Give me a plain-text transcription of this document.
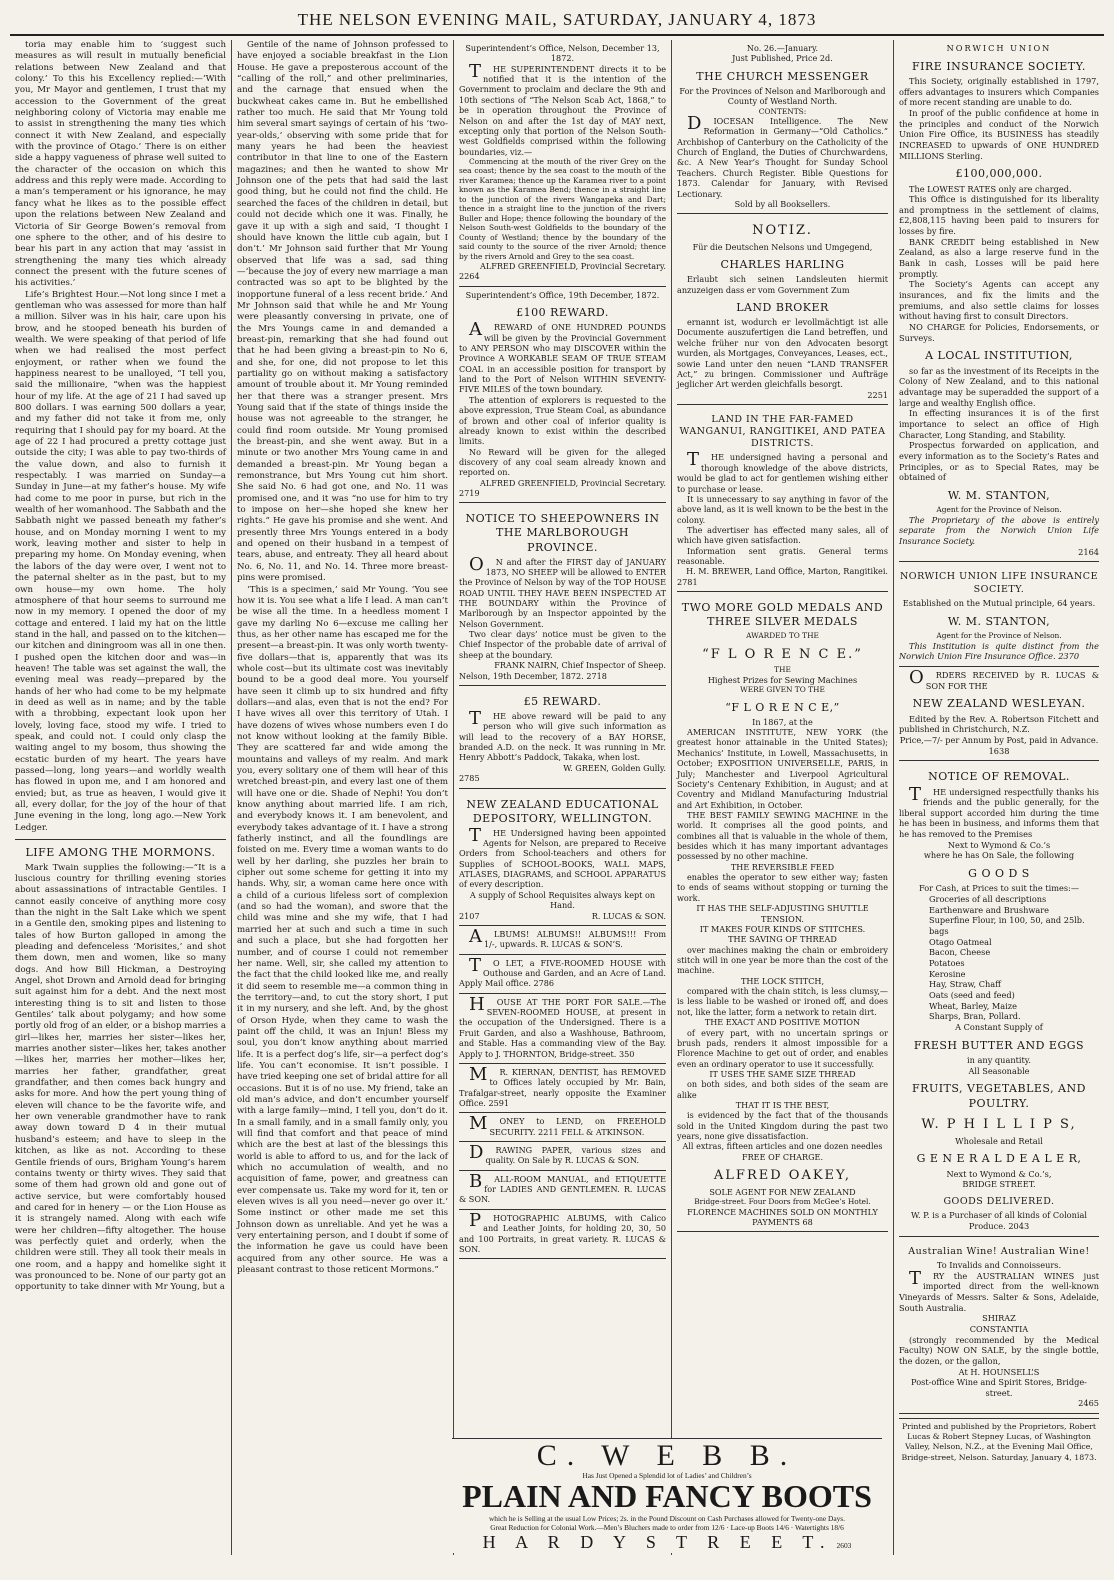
THE NELSON EVENING MAIL, SATURDAY, JANUARY 4, 1873

toria may enable him to ‘suggest such measures as will result in mutually beneficial relations between New Zealand and that colony.’ To this his Excellency replied:—‘With you, Mr Mayor and gentlemen, I trust that my accession to the Government of the great neighboring colony of Victoria may enable me to assist in strengthening the many ties which connect it with New Zealand, and especially with the province of Otago.’ There is on either side a happy vagueness of phrase well suited to the character of the occasion on which this address and this reply were made. According to a man’s temperament or his ignorance, he may fancy what he likes as to the possible effect upon the relations between New Zealand and Victoria of Sir George Bowen’s removal from one sphere to the other, and of his desire to bear his part in any action that may ‘assist in strengthening the many ties which already connect the present with the future scenes of his activities.’

Life’s Brightest Hour.—Not long since I met a gentleman who was assessed for more than half a million. Silver was in his hair, care upon his brow, and he stooped beneath his burden of wealth. We were speaking of that period of life when we had realised the most perfect enjoyment, or rather when we found the happiness nearest to be unalloyed, “I tell you, said the millionaire, “when was the happiest hour of my life. At the age of 21 I had saved up 800 dollars. I was earning 500 dollars a year, and my father did not take it from me, only requiring that I should pay for my board. At the age of 22 I had procured a pretty cottage just outside the city; I was able to pay two-thirds of the value down, and also to furnish it respectably. I was married on Sunday—a Sunday in June—at my father’s house. My wife had come to me poor in purse, but rich in the wealth of her womanhood. The Sabbath and the Sabbath night we passed beneath my father’s house, and on Monday morning I went to my work, leaving mother and sister to help in preparing my home. On Monday evening, when the labors of the day were over, I went not to the paternal shelter as in the past, but to my own house—my own home. The holy atmosphere of that hour seems to surround me now in my memory. I opened the door of my cottage and entered. I laid my hat on the little stand in the hall, and passed on to the kitchen—our kitchen and diningroom was all in one then. I pushed open the kitchen door and was—in heaven! The table was set against the wall, the evening meal was ready—prepared by the hands of her who had come to be my helpmate in deed as well as in name; and by the table with a throbbing, expectant look upon her lovely, loving face, stood my wife. I tried to speak, and could not. I could only clasp the waiting angel to my bosom, thus showing the ecstatic burden of my heart. The years have passed—long, long years—and worldly wealth has flowed in upon me, and I am honored and envied; but, as true as heaven, I would give it all, every dollar, for the joy of the hour of that June evening in the long, long ago.—New York Ledger.

LIFE AMONG THE MORMONS.

Mark Twain supplies the following:—“It is a luscious country for thrilling evening stories about assassinations of intractable Gentiles. I cannot easily conceive of anything more cosy than the night in the Salt Lake which we spent in a Gentile den, smoking pipes and listening to tales of how Burton galloped in among the pleading and defenceless ‘Morisites,’ and shot them down, men and women, like so many dogs. And how Bill Hickman, a Destroying Angel, shot Drown and Arnold dead for bringing suit against him for a debt. And the next most interesting thing is to sit and listen to those Gentiles’ talk about polygamy; and how some portly old frog of an elder, or a bishop marries a girl—likes her, marries her sister—likes her, marries another sister—likes her, takes another—likes her, marries her mother—likes her, marries her father, grandfather, great grandfather, and then comes back hungry and asks for more. And how the pert young thing of eleven will chance to be the favorite wife, and her own venerable grandmother have to rank away down toward D 4 in their mutual husband’s esteem; and have to sleep in the kitchen, as like as not. According to these Gentile friends of ours, Brigham Young’s harem contains twenty or thirty wives. They said that some of them had grown old and gone out of active service, but were comfortably housed and cared for in henery — or the Lion House as it is strangely named. Along with each wife were her children—fifty altogether. The house was perfectly quiet and orderly, when the children were still. They all took their meals in one room, and a happy and homelike sight it was pronounced to be. None of our party got an opportunity to take dinner with Mr Young, but a

Gentile of the name of Johnson professed to have enjoyed a sociable breakfast in the Lion House. He gave a preposterous account of the “calling of the roll,” and other preliminaries, and the carnage that ensued when the buckwheat cakes came in. But he embellished rather too much. He said that Mr Young told him several smart sayings of certain of his ‘two-year-olds,’ observing with some pride that for many years he had been the heaviest contributor in that line to one of the Eastern magazines; and then he wanted to show Mr Johnson one of the pets that had said the last good thing, but he could not find the child. He searched the faces of the children in detail, but could not decide which one it was. Finally, he gave it up with a sigh and said, ‘I thought I should have known the little cub again, but I don’t.’ Mr Johnson said further that Mr Young observed that life was a sad, sad thing—‘because the joy of every new marriage a man contracted was so apt to be blighted by the inopportune funeral of a less recent bride.’ And Mr Johnson said that while he and Mr Young were pleasantly conversing in private, one of the Mrs Youngs came in and demanded a breast-pin, remarking that she had found out that he had been giving a breast-pin to No 6, and she, for one, did not propose to let this partiality go on without making a satisfactory amount of trouble about it. Mr Young reminded her that there was a stranger present. Mrs Young said that if the state of things inside the house was not agreeable to the stranger, he could find room outside. Mr Young promised the breast-pin, and she went away. But in a minute or two another Mrs Young came in and demanded a breast-pin. Mr Young began a remonstrance, but Mrs Young cut him short. She said No. 6 had got one, and No. 11 was promised one, and it was “no use for him to try to impose on her—she hoped she knew her rights.” He gave his promise and she went. And presently three Mrs Youngs entered in a body and opened on their husband in a tempest of tears, abuse, and entreaty. They all heard about No. 6, No. 11, and No. 14. Three more breast-pins were promised.

‘This is a specimen,’ said Mr Young. ‘You see how it is. You see what a life I lead. A man can’t be wise all the time. In a heedless moment I gave my darling No 6—excuse me calling her thus, as her other name has escaped me for the present—a breast-pin. It was only worth twenty-five dollars—that is, apparently that was its whole cost—but its ultimate cost was inevitably bound to be a good deal more. You yourself have seen it climb up to six hundred and fifty dollars—and alas, even that is not the end? For I have wives all over this territory of Utah. I have dozens of wives whose numbers even I do not know without looking at the family Bible. They are scattered far and wide among the mountains and valleys of my realm. And mark you, every solitary one of them will hear of this wretched breast-pin, and every last one of them will have one or die. Shade of Nephi! You don’t know anything about married life. I am rich, and everybody knows it. I am benevolent, and everybody takes advantage of it. I have a strong fatherly instinct, and all the foundlings are foisted on me. Every time a woman wants to do well by her darling, she puzzles her brain to cipher out some scheme for getting it into my hands. Why, sir, a woman came here once with a child of a curious lifeless sort of complexion (and so had the woman), and swore that the child was mine and she my wife, that I had married her at such and such a time in such and such a place, but she had forgotten her number, and of course I could not remember her name. Well, sir, she called my attention to the fact that the child looked like me, and really it did seem to resemble me—a common thing in the territory—and, to cut the story short, I put it in my nursery, and she left. And, by the ghost of Orson Hyde, when they came to wash the paint off the child, it was an Injun! Bless my soul, you don’t know anything about married life. It is a perfect dog’s life, sir—a perfect dog’s life. You can’t economise. It isn’t possible. I have tried keeping one set of bridal attire for all occasions. But it is of no use. My friend, take an old man’s advice, and don’t encumber yourself with a large family—mind, I tell you, don’t do it. In a small family, and in a small family only, you will find that comfort and that peace of mind which are the best at last of the blessings this world is able to afford to us, and for the lack of which no accumulation of wealth, and no acquisition of fame, power, and greatness can ever compensate us. Take my word for it, ten or eleven wives is all you need—never go over it.’ Some instinct or other made me set this Johnson down as unreliable. And yet he was a very entertaining person, and I doubt if some of the information he gave us could have been acquired from any other source. He was a pleasant contrast to those reticent Mormons.”

Superintendent’s Office, Nelson, December 13, 1872.

THE SUPERINTENDENT directs it to be notified that it is the intention of the Government to proclaim and declare the 9th and 10th sections of “The Nelson Scab Act, 1868,” to be in operation throughout the Province of Nelson on and after the 1st day of MAY next, excepting only that portion of the Nelson South-west Goldfields comprised within the following boundaries, viz.—

Commencing at the mouth of the river Grey on the sea coast; thence by the sea coast to the mouth of the river Karamea; thence up the Karamea river to a point known as the Karamea Bend; thence in a straight line to the junction of the rivers Wangapeka and Dart; thence in a straight line to the junction of the rivers Buller and Hope; thence following the boundary of the Nelson South-west Goldfields to the boundary of the County of Westland; thence by the boundary of the said county to the source of the river Arnold; thence by the rivers Arnold and Grey to the sea coast.

ALFRED GREENFIELD, Provincial Secretary.
2264
Superintendent’s Office, 19th December, 1872.
£100 REWARD.

AREWARD of ONE HUNDRED POUNDS will be given by the Provincial Government to ANY PERSON who may DISCOVER within the Province A WORKABLE SEAM OF TRUE STEAM COAL in an accessible position for transport by land to the Port of Nelson WITHIN SEVENTY-FIVE MILES of the town boundary.

The attention of explorers is requested to the above expression, True Steam Coal, as abundance of brown and other coal of inferior quality is already known to exist within the described limits.

No Reward will be given for the alleged discovery of any coal seam already known and reported on.

ALFRED GREENFIELD, Provincial Secretary.
2719
NOTICE TO SHEEPOWNERS IN THE MARLBOROUGH PROVINCE.

ON and after the FIRST day of JANUARY 1873, NO SHEEP will be allowed to ENTER the Province of Nelson by way of the TOP HOUSE ROAD UNTIL THEY HAVE BEEN INSPECTED AT THE BOUNDARY within the Province of Marlborough by an Inspector appointed by the Nelson Government.

Two clear days’ notice must be given to the Chief Inspector of the probable date of arrival of sheep at the boundary.

FRANK NAIRN, Chief Inspector of Sheep.
Nelson, 19th December, 1872. 2718
£5 REWARD.

THE above reward will be paid to any person who will give such information as will lead to the recovery of a BAY HORSE, branded A.D. on the neck. It was running in Mr. Henry Abbott’s Paddock, Takaka, when lost.

W. GREEN, Golden Gully.
2785
NEW ZEALAND EDUCATIONAL DEPOSITORY, WELLINGTON.

THE Undersigned having been appointed Agents for Nelson, are prepared to Receive Orders from School-teachers and others for Supplies of SCHOOL-BOOKS, WALL MAPS, ATLASES, DIAGRAMS, and SCHOOL APPARATUS of every description.

A supply of School Requisites always kept on Hand.

2107	R. LUCAS & SON.

ALBUMS! ALBUMS!! ALBUMS!!! From 1/-, upwards. R. LUCAS & SON’S.

TO LET, a FIVE-ROOMED HOUSE with Outhouse and Garden, and an Acre of Land. Apply Mail office. 2786

HOUSE AT THE PORT FOR SALE.—The SEVEN-ROOMED HOUSE, at present in the occupation of the Undersigned. There is a Fruit Garden, and also a Washhouse, Bathroom, and Stable. Has a commanding view of the Bay. Apply to J. THORNTON, Bridge-street. 350

MR. KIERNAN, DENTIST, has REMOVED to Offices lately occupied by Mr. Bain, Trafalgar-street, nearly opposite the Examiner Office. 2591

MONEY to LEND, on FREEHOLD SECURITY. 2211 FELL & ATKINSON.

DRAWING PAPER, various sizes and quality. On Sale by R. LUCAS & SON.

BALL-ROOM MANUAL, and ETIQUETTE for LADIES AND GENTLEMEN. R. LUCAS & SON.

PHOTOGRAPHIC ALBUMS, with Calico and Leather Joints, for holding 20, 30, 50 and 100 Portraits, in great variety. R. LUCAS & SON.

No. 26.—January.
Just Published, Price 2d.
THE CHURCH MESSENGER
For the Provinces of Nelson and Marlborough and County of Westland North.
CONTENTS:

DIOCESAN Intelligence. The New Reformation in Germany—“Old Catholics.” Archbishop of Canterbury on the Catholicity of the Church of England, the Duties of Churchwardens, &c. A New Year’s Thought for Sunday School Teachers. Church Register. Bible Questions for 1873. Calendar for January, with Revised Lectionary.

Sold by all Booksellers.
NOTIZ.
Für die Deutschen Nelsons und Umgegend,
CHARLES HARLING

Erlaubt sich seinen Landsleuten hiermit anzuzeigen dass er vom Government Zum

LAND BROKER

ernannt ist, wodurch er levollmächtigt ist alle Documente auszufertigen die Land betreffen, und welche früher nur von den Advocaten besorgt wurden, als Mortgages, Conveyances, Leases, ect., sowie Land unter den neuen “LAND TRANSFER Act,” zu bringen. Commissioner und Aufträge jeglicher Art werden gleichfalls besorgt.

2251
LAND IN THE FAR-FAMED WANGANUI, RANGITIKEI, AND PATEA DISTRICTS.

THE undersigned having a personal and thorough knowledge of the above districts, would be glad to act for gentlemen wishing either to purchase or lease.

It is unnecessary to say anything in favor of the above land, as it is well known to be the best in the colony.

The advertiser has effected many sales, all of which have given satisfaction.

Information sent gratis. General terms reasonable.

H. M. BREWER, Land Office, Marton, Rangitikei.
2781
TWO MORE GOLD MEDALS AND THREE SILVER MEDALS
AWARDED TO THE
“F L O R E N C E.”
THE
Highest Prizes for Sewing Machines
WERE GIVEN TO THE
“F L O R E N C E,”
In 1867, at the

AMERICAN INSTITUTE, NEW YORK (the greatest honor attainable in the United States); Mechanics’ Institute, in Lowell, Massachusetts, in October; EXPOSITION UNIVERSELLE, PARIS, in July; Manchester and Liverpool Agricultural Society’s Centenary Exhibition, in August; and at Coventry and Midland Manufacturing Industrial and Art Exhibition, in October.

THE BEST FAMILY SEWING MACHINE in the world. It comprises all the good points, and combines all that is valuable in the whole of them, besides which it has many important advantages possessed by no other machine.

THE REVERSIBLE FEED

enables the operator to sew either way; fasten to ends of seams without stopping or turning the work.

IT HAS THE SELF-ADJUSTING SHUTTLE TENSION.
IT MAKES FOUR KINDS OF STITCHES.
THE SAVING OF THREAD

over machines making the chain or embroidery stitch will in one year be more than the cost of the machine.

THE LOCK STITCH,

compared with the chain stitch, is less clumsy,—is less liable to be washed or ironed off, and does not, like the latter, form a network to retain dirt.

THE EXACT AND POSITIVE MOTION

of every part, with no uncertain springs or brush pads, renders it almost impossible for a Florence Machine to get out of order, and enables even an ordinary operator to use it successfully.

IT USES THE SAME SIZE THREAD

on both sides, and both sides of the seam are alike

THAT IT IS THE BEST,

is evidenced by the fact that of the thousands sold in the United Kingdom during the past two years, none give dissatisfaction.

All extras, fifteen articles and one dozen needles FREE OF CHARGE.
ALFRED OAKEY,
SOLE AGENT FOR NEW ZEALAND
Bridge-street. Four Doors from McGee’s Hotel.
FLORENCE MACHINES SOLD ON MONTHLY PAYMENTS 68
NORWICH UNION
FIRE INSURANCE SOCIETY.

This Society, originally established in 1797, offers advantages to insurers which Companies of more recent standing are unable to do.

In proof of the public confidence at home in the principles and conduct of the Norwich Union Fire Office, its BUSINESS has steadily INCREASED to upwards of ONE HUNDRED MILLIONS Sterling.

£100,000,000.

The LOWEST RATES only are charged.

This Office is distinguished for its liberality and promptness in the settlement of claims, £2,808,115 having been paid to insurers for losses by fire.

BANK CREDIT being established in New Zealand, as also a large reserve fund in the Bank in cash, Losses will be paid here promptly.

The Society’s Agents can accept any insurances, and fix the limits and the premiums, and also settle claims for losses without having first to consult Directors.

NO CHARGE for Policies, Endorsements, or Surveys.

A LOCAL INSTITUTION,

so far as the investment of its Receipts in the Colony of New Zealand, and to this national advantage may be superadded the support of a large and wealthy English office.

In effecting insurances it is of the first importance to select an office of High Character, Long Standing, and Stability.

Prospectus forwarded on application, and every information as to the Society’s Rates and Principles, or as to Special Rates, may be obtained of

W. M. STANTON,
Agent for the Province of Nelson.

The Proprietary of the above is entirely separate from the Norwich Union Life Insurance Society.

2164
NORWICH UNION LIFE INSURANCE SOCIETY.
Established on the Mutual principle, 64 years.
W. M. STANTON,
Agent for the Province of Nelson.

This Institution is quite distinct from the Norwich Union Fire Insurance Office. 2370

ORDERS RECEIVED by R. LUCAS & SON FOR THE

NEW ZEALAND WESLEYAN.

Edited by the Rev. A. Robertson Fitchett and published in Christchurch, N.Z.

Price,—7/- per Annum by Post, paid in Advance. 1638
NOTICE OF REMOVAL.

THE undersigned respectfully thanks his friends and the public generally, for the liberal support accorded him during the time he has been in business, and informs them that he has removed to the Premises

Next to Wymond & Co.’s
where he has On Sale, the following
G O O D S
For Cash, at Prices to suit the times:—
Groceries of all descriptions
Earthenware and Brushware
Superfine Flour, in 100, 50, and 25lb. bags
Otago Oatmeal
Bacon, Cheese
Potatoes
Kerosine
Hay, Straw, Chaff
Oats (seed and feed)
Wheat, Barley, Maize
Sharps, Bran, Pollard.
A Constant Supply of
FRESH BUTTER AND EGGS
in any quantity.
All Seasonable
FRUITS, VEGETABLES, AND POULTRY.
W. P H I L L I P S,
Wholesale and Retail
G E N E R A L D E A L E R,
Next to Wymond & Co.’s,
BRIDGE STREET.
GOODS DELIVERED.
W. P. is a Purchaser of all kinds of Colonial Produce. 2043
Australian Wine! Australian Wine!
To Invalids and Connoisseurs.

TRY the AUSTRALIAN WINES just imported direct from the well-known Vineyards of Messrs. Salter & Sons, Adelaide, South Australia.

SHIRAZ
CONSTANTIA

(strongly recommended by the Medical Faculty) NOW ON SALE, by the single bottle, the dozen, or the gallon,

At H. HOUNSELL’S
Post-office Wine and Spirit Stores, Bridge-street.
2465
Printed and published by the Proprietors, Robert Lucas & Robert Stepney Lucas, of Washington Valley, Nelson, N.Z., at the Evening Mail Office, Bridge-street, Nelson. Saturday, January 4, 1873.
C. W E B B.
Has Just Opened a Splendid lot of Ladies’ and Children’s
PLAIN AND FANCY BOOTS
which he is Selling at the usual Low Prices; 2s. in the Pound Discount on Cash Purchases allowed for Twenty-one Days.
Great Reduction for Colonial Work.—Men’s Bluchers made to order from 12/6 · Lace-up Boots 14/6 · Watertights 18/6
H A R D Y S T R E E T. 2603
